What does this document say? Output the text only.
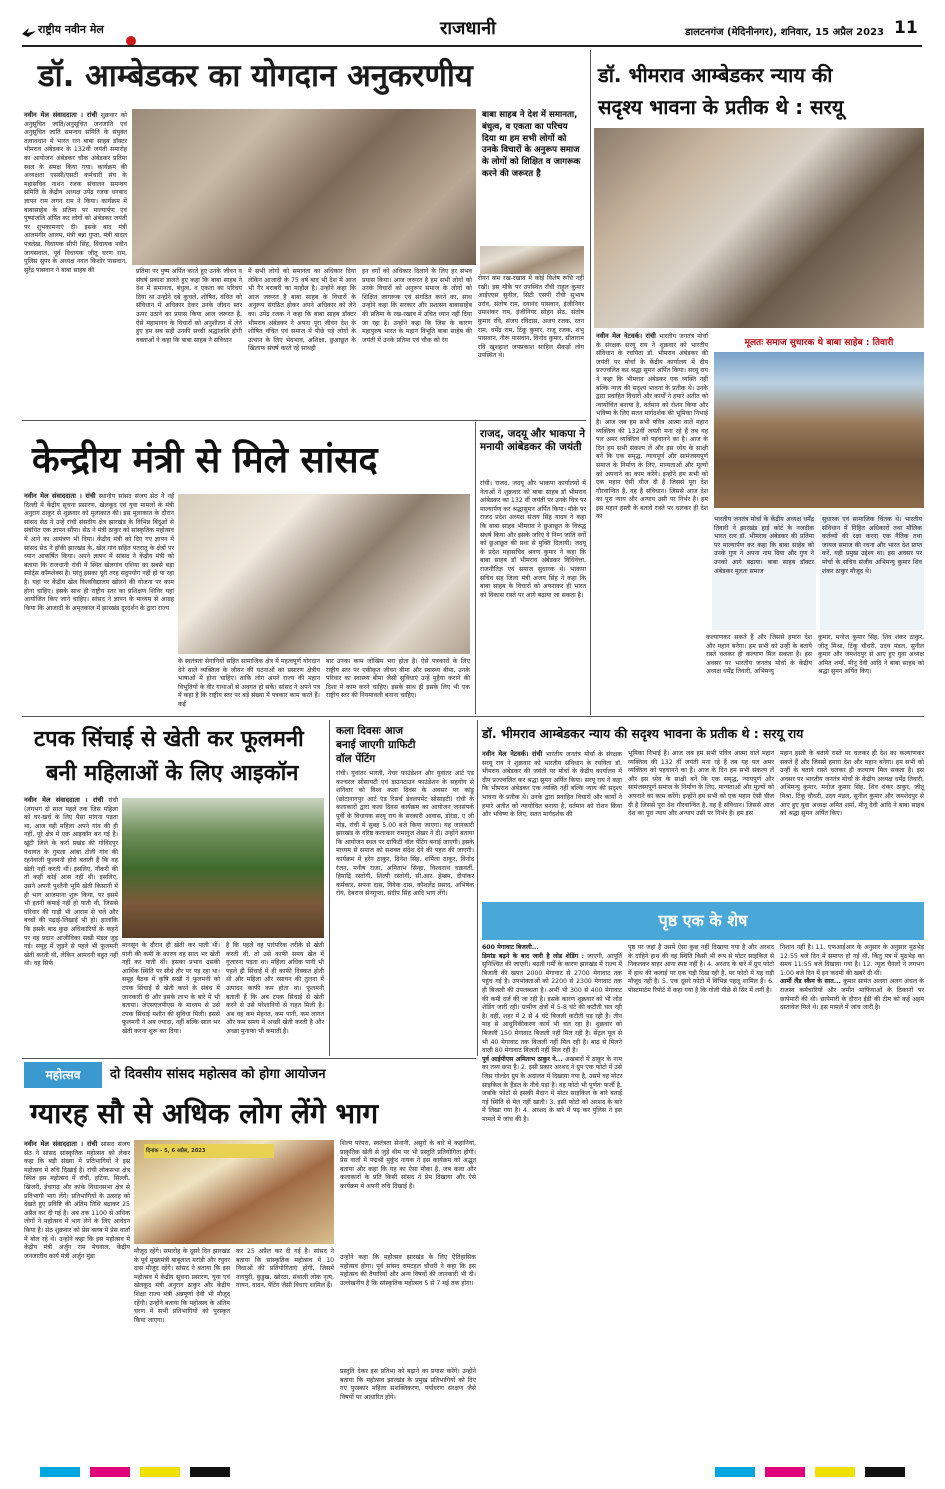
राष्ट्रीय नवीन मेल	राजधानी	डालटनगंज (मेदिनीनगर), शनिवार, 15 अप्रैल 2023 11
डॉ. आम्बेडकर का योगदान अनुकरणीय
नवीन मेल संवाददाता । रांची शुक्रवार को अनुसूचित जाति/अनुसूचित जनजाति एवं अनुसूचित जाति समन्वय समिति के संयुक्त तत्वावधान में भारत रत्न बाबा साहब डॉक्टर भीमराव अंबेडकर के 132वीं जयंती समारोह का आयोजन अंबेडकर चौक अंबेडकर प्रतिमा स्थल के समक्ष किया गया। कार्यक्रम की अध्यक्षता एससी/एसटी कर्मचारी संघ के महासचिव नाथन रजक संचालन समन्वय समिति के केंद्रीय अध्यक्ष उपेंद्र रजक धनबाद ज्ञापन राम लगन राम ने किया। कार्यक्रम में बाबासाहेब के प्रतिमा पर माल्यार्पण एवं पुष्पांजलि अर्पित कर लोगों को अंबेडकर जयंती पर शुभकामनाएं दी। इसके बाद मंत्री आलमगीर आलम, मंत्री बन्ना गुप्ता, मंत्री बादल पत्रलेख, विधायक सीपी सिंह, विधायक नवीन जायसवाल, पूर्व विधायक जीतू चरण राम, पुलिस सुपर के अध्यक्ष नवल किशोर पासवान, सुरेंद्र पासवान ने बाबा साहब की
बाबा साहब ने देश में समानता, बंधुत्व, व एकता का परिचय दिया था हम सभी लोगों को उनके विचारों के अनुरूप समाज के लोगों को शिक्षित व जागरूक करने की जरूरत है
प्रतिमा पर पुष्प अर्पित करते हुए उनके जीवन व संघर्ष प्रकाश डालते हुए कहा कि बाबा साहब ने देश में समानता, बंधुत्व, व एकता का परिचय दिया था उन्होंने दबे कुचले, शोषित, वंचित को संविधान में अधिकार देकर उनके जीवन स्तर ऊपर उठाने का प्रयास किया आज जरूरत है, ऐसे महामानव के विचारों को अनुशीलन में लेते हुए हम सब सही उनकी सच्ची श्रद्धांजलि होगी वक्ताओं ने कहा कि बाबा साहब ने संविधान
में सभी लोगों को समानता का अधिकार दिया लेकिन आजादी के 75 वर्ष बाद भी देश में आज भी गैर बराबरी का माहौल है। उन्होंने कहा कि आज जरूरत है बाबा साहब के विचारों के अनुरूप संगठित होकर अपने अधिकार को लेने का। उपेंद्र रजक ने कहा कि बाबा साहब डॉक्टर भीमराव अंबेडकर ने अपना पूरा जीवन देश के शोषित वंचित एवं समाज में पीछे पड़े लोगों के उत्थान के लिए भेदभाव, अशिक्षा, छुआछूत के खिलाफ संघर्ष करते रहे साथही
इन वर्गों को अधिकार दिलाने के लिए हर संभव प्रयास किया। आज जरूरत है हम सभी लोगों को उनके विचारों को अनुरूप समाज के लोगों को शिक्षित जागरूक एवं संगठित करने का, साथ उन्होंने कहा कि सरकार और प्रशासन बाबासाहेब की प्रतिमा के रख-रखाव में उचित ध्यान नहीं दिया जा रहा है। उन्होंने कहा कि जिस के कारण महापुरुष भारत के महान विभूति बाबा साहेब की जयंती में उनके प्रतिमा एवं चौक को रंग
रोगन कम रख-रखाव में कोई विशेष रूचि नहीं रखी। इस मौके पर उपस्थित राँची राहुल कुमार आईएएस सुनील, सिटी एसपी राँची सुभाष उरांव, संतोष राम, दयानंद पासवान, इंजीनियर उमाशंकर राम, इंजीनियर सोहन सेठ, संतोष कुमार रवि, संजय रविदास, अजय रजक, रतन राम, धर्मेंद्र राम, टिंकू कुमार, राजू रजक, शंभु पासवान, नीरू पासवान, विनोद कुमार, सीताराम रवि खुशहाल जयप्रकाश साहिल सैकड़ों लोग उपस्थित थे।
डॉ. भीमराव आम्बेडकर न्याय की
सदृश्य भावना के प्रतीक थे : सरयू
नवीन मेल नेटवर्क। रांची भारतीय जनतंत्र मोर्चा के संरक्षक सरयू राय ने शुक्रवार को भारतीय संविधान के रचयिता डॉ. भीमराव अंबेडकर की जयंती पर मोर्चा के केंद्रीय कार्यालय में दीप प्रज्ज्वलित कर श्रद्धा सुमन अर्पित किया। सरयू राय ने कहा कि भीमराव अंबेडकर एक व्यक्ति नहीं बल्कि न्याय की सदृश्य भावना के प्रतीक थे। उनके द्वारा प्रवाहित विचारों और कार्यों ने हमारे अतीत को न्यायोचित बनाया है, वर्तमान को रोशन किया और भविष्य के लिए सतत मार्गदर्शक की भूमिका निभाई है। आज जब हम सभी पवित्र आत्मा वाले महान व्यक्तित्व की 132वीं जयंती मना रहे हैं तब यह पल अमर व्यक्तित्व को पहचानने का है। आज के दिन हम सभी संकल्प लें और इस ध्येय के साक्षी बनें कि एक समृद्ध, न्यायपूर्ण और सामंजस्यपूर्ण समाज के निर्माण के लिए, मान्यताओं और मूल्यों को अपनाने का काम करेंगे। इन्होंने हम सभी को एक महान ऐसी चीज दी है जिससे पूरा देश गौरवान्वित है, वह है संविधान। जिससे आज देश का पूरा न्याय और अन्याय उसी पर निर्भर है। हम इस महान हस्ती के बताये रास्ते पर चलकर ही देश का
मूलतः समाज सुधारक थे बाबा साहेब : तिवारी
भारतीय जनतंत्र मोर्चा के केंद्रीय अध्यक्ष धर्मेंद्र तिवारी ने झारखंड हाई कोर्ट के नजदीक भारत रत्न डॉ. भीमराव अंबेडकर की प्रतिमा पर माल्यार्पण कर कहा कि बाबा साहेब को उनके गुण ने अपना नाम दिया और गुण ने उनको आगे बढ़ाया। बाबा साहब डॉक्टर अंबेडकर मूलतः समाज
सुधारक एवं सामाजिक चिंतक थे। भारतीय संविधान में निहित अधिकारों तथा मौलिक कर्तव्यों की रक्षा करना एक नैतिक तथा जायज समाज की रचना और भारत देश प्राप्त करें, यही प्रमुख उद्देश्य था। इस अवसर पर मोर्चा के सचिव संजीव अभिमन्यु कुमार शिव शंकर ठाकुर मौजूद थे।
कल्याणकर सकते हैं और जिससे हमारा देश और महान बनेगा। हम सभी को उन्हीं के बताये रास्ते चलकर ही कल्याण मिल सकता है। इस अवसर पर भारतीय जनतंत्र मोर्चा के केंद्रीय अध्यक्ष धर्मेंद्र तिवारी, अभिमन्यु
कुमार, मनोज कुमार सिंह, शिव शंकर ठाकुर, जीतू मिश्रा, टिंकू चौधरी, उदय मंडल, सुनील कुमार और जमशेदपुर से आए हुए युवा अध्यक्ष अमित शर्मा, मीनू देवी आदि ने बाबा साहब को श्रद्धा सुमन अर्पित किए।
राजद, जदयू और भाकपा ने मनायी आंबेडकर की जयंती
रांची। राजद, जदयू और भाकपा कार्यालयों में नेताओं ने शुक्रवार को बाबा साहब डॉ भीमराव आंबेडकर का 132 वीं जयंती पर उनके चित्र पर माल्यार्पण कर श्रद्धासुमन अर्पित किया। मौके पर राजद प्रदेश अध्यक्ष संजय सिंह यादव ने कहा कि बाबा साहब भीमराव ने छुआछूत के विरुद्ध संघर्ष किया और इसके जरिए वे निम्न जाति वर्गों को छुआछूत की प्रथा से मुक्ति दिलायी। जदयू के प्रदेश महासचिव श्रवण कुमार ने कहा कि बाबा साहब डॉ भीमराव अंबेडकर विधिवेत्ता, राजनीतिज्ञ एवं समाज सुधारक थे। भाकपा सचिव सह जिला मंत्री अजय सिंह ने कहा कि बाबा साहब के विचारों को अपनाकर ही भारत को विकास रास्ते पर आगे बढ़ाया जा सकता है।
केन्द्रीय मंत्री से मिले सांसद
नवीन मेल संवाददाता । रांची स्थानीय सांसद संजय सेठ ने नई दिल्ली में केंद्रीय सूचना प्रसारण, खेलकूद एवं युवा मामलों के मंत्री अनुराग ठाकुर से शुक्रवार को मुलाकात की। इस मुलाकात के दौरान सांसद सेठ ने उन्हें रांची संसदीय क्षेत्र झारखंड के विभिन्न बिंदुओं से संबंधित एक ज्ञापन सौंपा। सेठ ने मंत्री ठाकुर को सांस्कृतिक महोत्सव में आने का आमंत्रण भी दिया। केंद्रीय मंत्री को दिए गए ज्ञापन में सांसद सेठ ने हॉकी झारखंड के, खेल गांव सहित पतरातू के क्षेत्रों पर ध्यान आकर्षित किया। अपने ज्ञापन में सांसद ने केंद्रीय मंत्री को बताया कि राजधानी रांची में स्थित खेलगांव एशिया का सबसे बड़ा स्पोर्ट्स कॉम्प्लेक्स है। परंतु इसका पूरी तरह सदुपयोग नहीं हो पा रहा है। यहां पर केंद्रीय खेल विश्वविद्यालय खोलने की योजना पर काम होना चाहिए। इसके साथ ही राष्ट्रीय स्तर का प्रशिक्षण शिविर यहां आयोजित किए जाने चाहिए। सांसद ने ज्ञापन के माध्यम से आग्रह किया कि आजादी के अमृतकाल में झारखंड दूरदर्शन के द्वारा राज्य
के स्वतंत्रता सेनानियों सहित सामाजिक क्षेत्र में महत्वपूर्ण योगदान देने वाले व्यक्तित्व के जीवन की घटनाओं का प्रसारण क्षेत्रीय भाषाओं में होना चाहिए। ताकि लोग अपने राज्य की महान विभूतियों के वीर गाथाओं से अवगत हो सकें। सांसद ने अपने पत्र में कहा है कि राष्ट्रीय स्तर पर बड़े संख्या में पत्रकार काम करते हैं। कई
बार उनका काम जोखिम भरा होता है। ऐसे पत्रकारों के लिए राष्ट्रीय स्तर पर एकीकृत जीवन बीमा और स्वास्थ्य बीमा, उनके परिवार का स्वास्थ्य बीमा जैसी सुविधाएं उन्हें मुहैया कराने की दिशा में काम करने चाहिए। इसके साथ ही इसके लिए भी एक राष्ट्रीय स्तर की नियमावली बनाना चाहिए।
टपक सिंचाई से खेती कर फूलमनी
बनी महिलाओं के लिए आइकॉन
नवीन मेल संवाददाता । रांची रांची (लगभग दो साल पहले तक जिस महिला को घर-खर्च के लिए पैसा मांगना पड़ता था, आज वही महिला अपने गांव की ही नहीं, पूरे क्षेत्र में एक आइकॉन बन गई है। खूंटी जिले के कर्रा प्रखंड की गोविंदपुर पंचायत के गुमला आंबा टोली गांव की रहनेवाली फूलमनी होरो बताती हैं कि वह खेती नहीं करती थीं। इसलिए, नौकरी की तो कहीं कोई आस नहीं थी। इसलिए, उसने अपनी पुश्तैनी भूमि खेती किसानी में ही भाग आजमाना शुरू किया, पर इसमें भी इतनी कमाई नहीं हो पाती थी, जिससे परिवार की गाड़ी भी आराम से चले और बच्चों की पढ़ाई-लिखाई भी हो। हालांकि कि इसके बाद कुछ अधिकारियों के कहने पर वह प्रदान आजीविका सखी मंडल जुड़ गई। समूह में जुड़ने से पहले भी फूलमनी खेती करती थी, लेकिन आमदनी बहुत नहीं थी। वह सिर्फ
मानसून के दौरान ही खेती कर पाती थीं। पानी की कमी के कारण वह साल भर खेती नहीं कर पाती थीं। इसका प्रभाव उसकी आर्थिक स्थिति पर सीधे तौर पर पड़ रहा था। समूह बैठक में कृषि सखी ने फूलमनी को टपक सिंचाई से खेती करने के संबंध में जानकारी दी और इसके लाभ के बारे में भी बताया। जेएसएलपीएस के माध्यम से उसे टपक सिंचाई मशीन की सुविधा मिली। इससे फूलमनी ने अब ज्यादा, नहीं बल्कि साल भर खेती करना शुरू कर दिया।
है कि पहले वह पारंपरिक तरीके से खेती करती थी, तो उसे काफी समय खेत में गुजारना पड़ता था। महिला अधिक पानी भी पहले ही सिंचाई में ही काफी दिक्कत होती थी और महिला और रसायन की तुलना में उत्पादन काफी कम होता था। फूलमनी बताती हैं कि अब टपक सिंचाई से खेती करने से उसे परेशानियों से राहत मिली है। अब वह कम मेहनत, कम पानी, कम लागत और कम समय में अच्छी खेती करती है और अच्छा मुनाफा भी कमाती है।
कला दिवसः आज
बनाई जाएगी ग्राफिटी
वॉल पेंटिंग
रांची। युवांतर भारती, नेचर फाउंडेशन और युवांतर आर्ट एंड कल्चरल सोसायटी एवं डाउनटाउन फाउंडेशन के सहयोग से शनिवार को विश्व कला दिवस के अवसर पर कांड्रू (छोटानागपुर आर्ट एंड रिसर्च डेवलपमेंट सोसाइटी) रांची के कलाकारों द्वारा कला दिवस कार्यक्रम का आयोजन जनसंपर्क पूर्वी के विधायक सरयू राय के सरकारी आवास, डोरंडा, ए जी मोड़, रांची में सुबह 5.00 बजे किया जाएगा। यह जानकारी झारखंड के वरिष्ठ कलाकार रामानुज शेखर ने दी। उन्होंने बताया कि आयोजन स्थल पर ग्राफिटी वॉल पेंटिंग बनाई जाएगी। इसके माध्यम से समाज को सशक्त संदेश देने की पहल की जाएगी। कार्यक्रम में हरेन ठाकुर, दिनेश सिंह, शर्मिला ठाकुर, विनोद रंजन, मनीष राजा, अमिताभ सिन्हा, विश्वनाथ चक्रवर्ती, हिमाद्रि रस्तोगी, शिल्पी रस्तोगी, सी.आर. हेम्ब्रम, दीपांकर कर्मकार, सपना दास, विवेक दास, कौशलेंद्र प्रसाद, अभिषेक रोय, देबराज सेनगुप्ता, संदीप सिंह आदि भाग लेंगे।
डॉ. भीमराव आम्बेडकर न्याय की सदृश्य भावना के प्रतीक थे : सरयू राय
नवीन मेल नेटवर्क। रांची भारतीय जनतंत्र मोर्चा के संरक्षक सरयू राय ने शुक्रवार को भारतीय संविधान के रचयिता डॉ. भीमराव अंबेडकर की जयंती पर मोर्चा के केंद्रीय कार्यालय में दीप प्रज्ज्वलित कर श्रद्धा सुमन अर्पित किया। सरयू राय ने कहा कि भीमराव अंबेडकर एक व्यक्ति नहीं बल्कि न्याय की सदृश्य भावना के प्रतीक थे। उनके द्वारा प्रवाहित विचारों और कार्यों ने हमारे अतीत को न्यायोचित बनाया है, वर्तमान को रोशन किया और भविष्य के लिए, सतत मार्गदर्शक की
भूमिका निभाई है। आज जब हम सभी पवित्र आत्मा वाले महान व्यक्तित्व की 132 वीं जयंती मना रहे हैं तब यह पल अमर व्यक्तित्व को पहचानने का है। आज के दिन हम सभी संकल्प लें और इस ध्येय के साक्षी बनें कि एक समृद्ध, न्यायपूर्ण और सामंजस्यपूर्ण समाज के निर्माण के लिए, मान्यताओं और मूल्यों को अपनाने का काम करेंगे। इन्होंने हम सभी को एक महान ऐसी चीज दी है जिससे पूरा देश गौरवान्वित है, वह है संविधान। जिससे आज देश का पूरा न्याय और अन्याय उसी पर निर्भर है। हम इस
महान हस्ती के बताये रास्ते पर चलकर ही देश का कल्याणकर सकते हैं और जिससे हमारा देश और महान बनेगा। हम सभी को उन्हीं के बताये रास्ते चलकर ही कल्याण मिल सकता है। इस अवसर पर भारतीय जनतंत्र मोर्चा के केंद्रीय अध्यक्ष धर्मेंद्र तिवारी, अभिमन्यु कुमार, मनोज कुमार सिंह, शिव शंकर ठाकुर, जीतू मिश्रा, टिंकू चौधरी, उदय मंडल, सुनील कुमार और जमशेदपुर से आए हुए युवा अध्यक्ष अमित शर्मा, मीनू देवी आदि ने बाबा साहब को श्रद्धा सुमन अर्पित किए।
पृष्ठ एक के शेष
600 मेगावाट बिजली...
डिमांड बढ़ने के बाद जारी है लोड शेडिंग : जाएगी, आपूर्ति सुनिश्चित की जाएगी। बढ़ती गर्मी के कारण झारखंड में राज्य में बिजली की खपत 2000 मेगावाट से 2700 मेगावाट तक पहुंच गई है। उपभोक्ताओं को 2200 से 2300 मेगावाट तक ही बिजली की उपलब्धता है। अभी भी 300 से 400 मेगावाट की कमी दर्ज की जा रही है। इसके कारण शुक्रवार को भी लोड शेडिंग जारी रही। ग्रामीण क्षेत्रों में 5-8 घंटे की कटौती चल रही है। वहीं, शहर में 2 से 4 घंटे बिजली कटौती पड़ रही है। तीन माह से आधुनिकीकरण कार्य भी चल रहा है। शुक्रवार को बिजली 150 मेगावाट बिजली नहीं मिल रही है। सेंट्रल पूल से भी 40 मेगावाट तक बिजली नहीं मिल रही है। बाढ़ से मिलने वाली 80 मेगावाट बिजली नहीं मिल रही है।
पूर्व आईपीएस अमिताभ ठाकुर ने... अखबारों में ठाकुर के नाम का तथ्य छपा है। 2. इसी प्रकार अरशद ने ग्रुप एक फोटो में उसे जिस गोल्डेन ग्रुप के अदालत में दिखाया गया है, उसमें वह मोटर साइकिल के हैंडल के नीचे पड़ा है। वह फोटो भी पूर्णतः फर्जी है, जबकि फोटो से इसकी मैदान में मोटर साइकिल के बारे बताई गई स्थिति से मेल नहीं खाती। 3. इसी फोटो को अरशद के बारे में लिखा गया है। 4. अरशद के बारे में पढ़ कर पुलिस ने इस मामले में जांच की है।
पृष्ठ पर जहां है उसमें ऐसा कुछ नहीं दिखाया गया है और अरशद के दाहिने हाथ की वह स्थिति किसी भी रूप से मोटर साइकिल से निकलकर बाहर आना स्पष्ट नहीं है। 4. अरशद के बारे में ग्रुप फोटो में हाथ की कलाई पर एक घड़ी दिख रही है, पर फोटो में यह घड़ी मौजूद नहीं है। 5. एक दूसरे फोटो में विभिन्न पहलू शामिल हैं। 6. पोस्टमार्टम रिपोर्ट में कहा गया है कि गोली पीछे से सिर में लगी है।
निशान नहीं है। 11. एफआईआर के अनुसार के अनुसार मुठभेड़ 12:55 बजे दिन में समाप्त हो गई थी, किंतु पत्र में मुठभेड़ का समय 11:55 बजे दिखाया गया है। 12. न्यूज चैनलों ने लगभग 1:00 बजे दिन में इन कदमों की खबरें दी थीं।
आर्मी लैंड स्कैम के सात... कुमार सामंत अलगा अलग अंचल के राजस्व कर्मचारियों और जमीन माफियाओं के ठिकानों पर छापेमारी की थी। छापेमारी के दौरान ईडी की टीम को कई अहम दस्तावेज मिले थे। इस मामले में जांच जारी है।
महोत्सव	दो दिवसीय सांसद महोत्सव को होगा आयोजन
ग्यारह सौ से अधिक लोग लेंगे भाग
नवीन मेल संवाददाता । रांची सांसद संजय सेठ ने सांसद सांस्कृतिक महोत्सव को लेकर कहा कि बड़ी संख्या में प्रतिभागियों ने इस महोत्सव में रुचि दिखाई है। रांची लोकसभा क्षेत्र स्थित इस महोत्सव में रांची, हटिया, सिल्ली, खिजरी, ईचागढ़ और कांके विधानसभा क्षेत्र से प्रतिभागी भाग लेंगे। प्रतिभागियों के उत्साह को देखते हुए प्रविष्टि की अंतिम तिथि बढ़ाकर 25 अप्रैल कर दी गई है। अब तक 1100 से अधिक लोगों ने महोत्सव में भाग लेने के लिए आवेदन किया है। सेठ शुक्रवार को प्रेस क्लब में प्रेस वार्ता में बोल रहे थे। उन्होंने कहा कि इस महोत्सव में केंद्रीय मंत्री अर्जुन राम मेघवाल, केंद्रीय जनजातीय कार्य मंत्री अर्जुन मुंडा
दिनांक - 5, 6 अप्रैल, 2023
मौजूद रहेंगे। समारोह के दूसरे दिन झारखंड के पूर्व मुख्यमंत्री बाबूलाल मरांडी और रघुवर दास मौजूद रहेंगे। सांसद ने बताया कि इस महोत्सव में केंद्रीय सूचना प्रसारण, युवा एवं खेलकूद मंत्री अनुराग ठाकुर और केंद्रीय शिक्षा राज्य मंत्री अन्नपूर्णा देवी भी मौजूद रहेंगी। उन्होंने बताया कि महोत्सव के अंतिम चरण में सभी प्रतिभागियों को पुरस्कृत किया जाएगा।
कर 25 अप्रैल कर दी गई है। सांसद ने बताया कि सांस्कृतिक महोत्सव में 10 विधाओं की प्रतियोगिताएं होंगी, जिसमें नागपुरी, कुडुख, खोरठा, संथाली लोक नृत्य, गायन, वादन, पेंटिंग जैसी विधाएं शामिल हैं।
शिल्प परंपरा, स्वतंत्रता सेनानी, असुरों के बारे में कहानियां, प्राकृतिक खेती से जुड़े थीम पर भी प्रस्तुति प्रतियोगिता होगी। प्रेस वार्ता में पद्मश्री मुकुंद नायक ने इस कार्यक्रम को अद्भुत बताया और कहा कि यह का ऐसा मौका है, जब कला और कलाकारों के प्रति किसी सांसद ने प्रेम दिखाया और ऐसे कार्यक्रम में अपनी रुचि दिखाई है।
उन्होंने कहा कि महोत्सव झारखंड के लिए ऐतिहासिक महोत्सव होगा। पूर्व सांसद रामटहल चौधरी ने कहा कि इस महोत्सव की तैयारियों और अन्य विषयों की जानकारी भी दी। उल्लेखनीय है कि सांस्कृतिक महोत्सव 5 से 7 मई तक होगा।
प्रस्तुति देकर इस प्रतिभा को बढ़ाने का प्रयास करेंगे। उन्होंने बताया कि महोत्सव झारखंड के प्रमुख प्रतिभागियों को दिए गए पुरस्कार महिला सशक्तिकरण, पर्यावरण संरक्षण जैसे विषयों पर आधारित होंगे।
